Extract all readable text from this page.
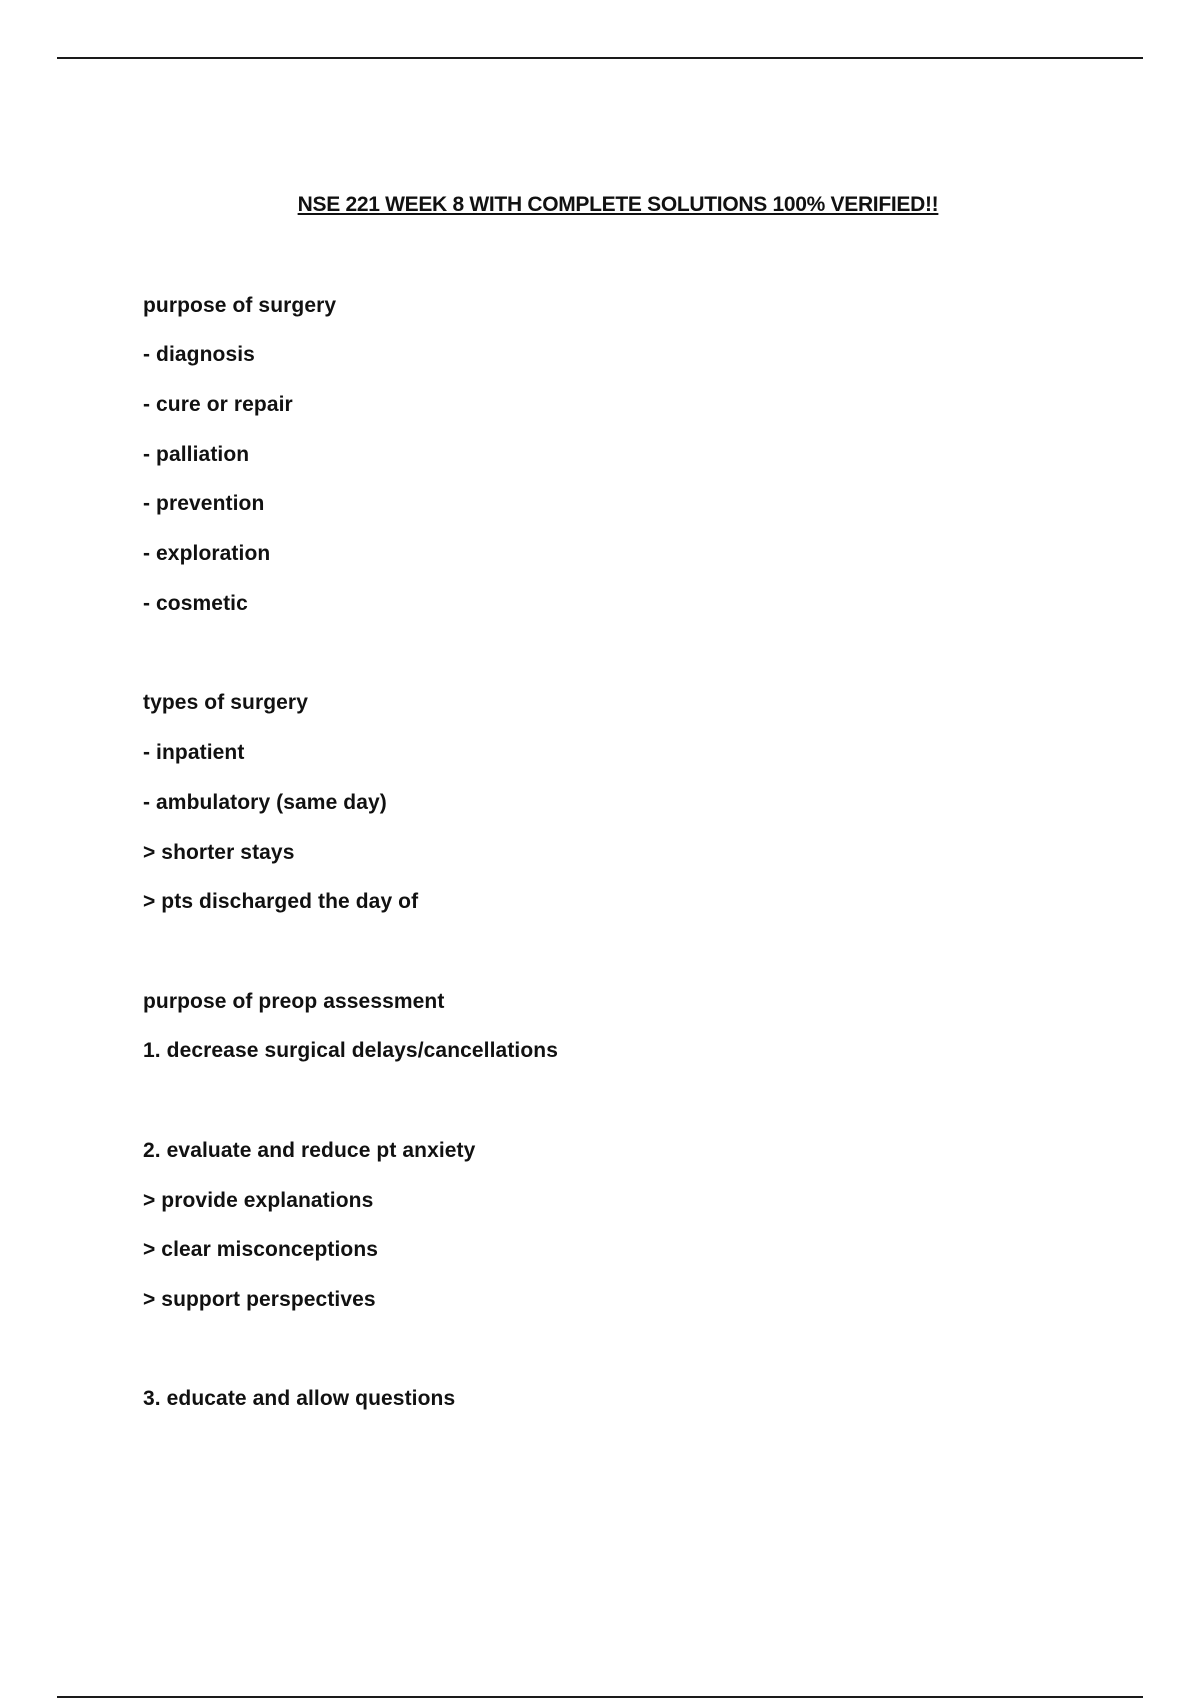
NSE 221 WEEK 8 WITH COMPLETE SOLUTIONS 100% VERIFIED!!
purpose of surgery
- diagnosis
- cure or repair
- palliation
- prevention
- exploration
- cosmetic
types of surgery
- inpatient
- ambulatory (same day)
> shorter stays
> pts discharged the day of
purpose of preop assessment
1. decrease surgical delays/cancellations
2. evaluate and reduce pt anxiety
> provide explanations
> clear misconceptions
> support perspectives
3. educate and allow questions
